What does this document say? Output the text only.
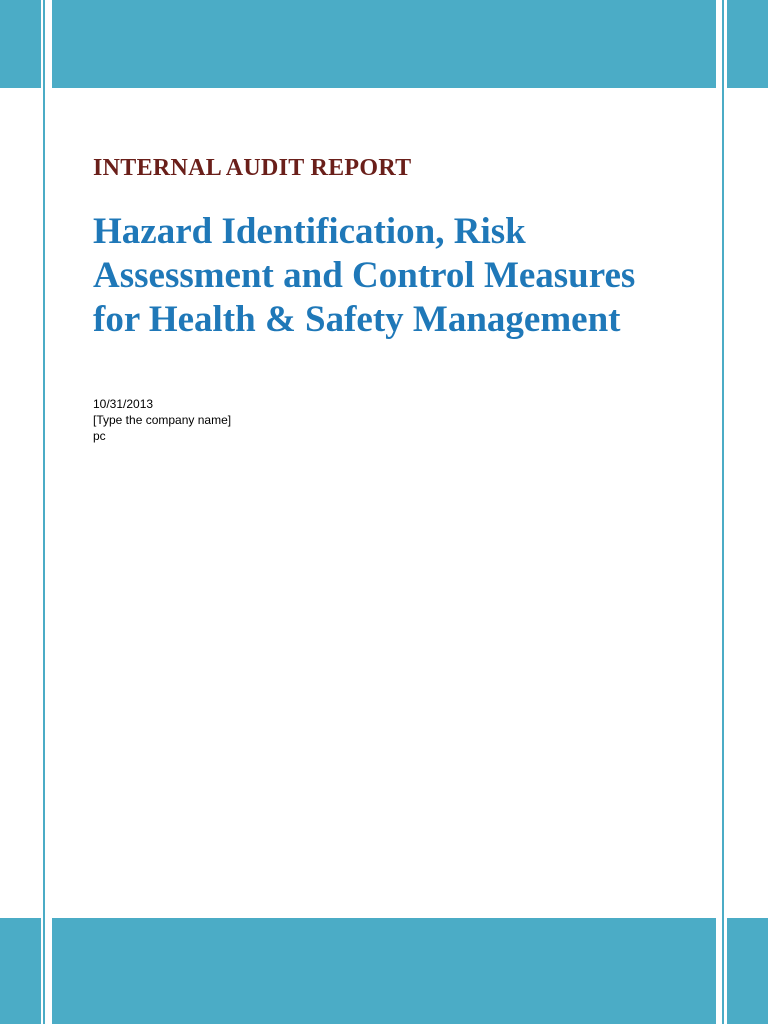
INTERNAL AUDIT REPORT

Hazard Identification, Risk Assessment and Control Measures for Health & Safety Management
10/31/2013
[Type the company name]
pc
